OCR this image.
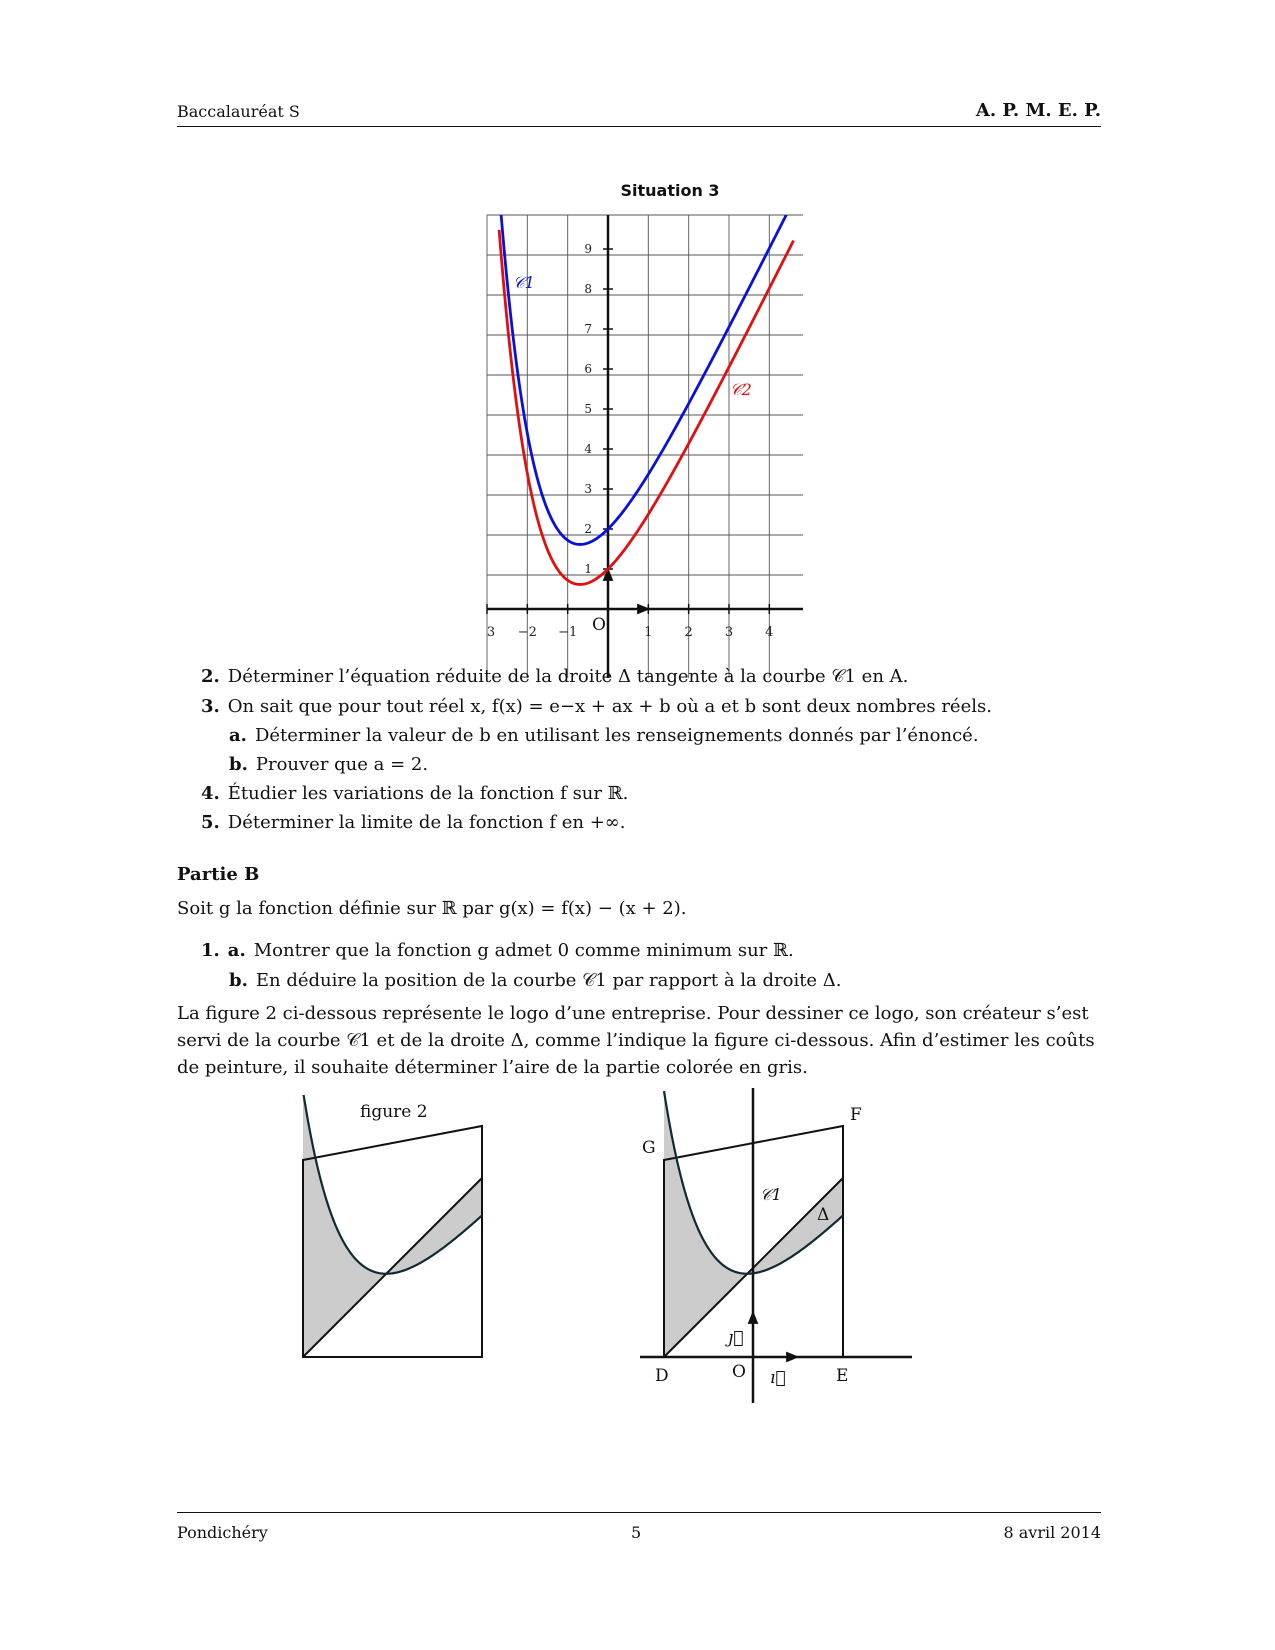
Baccalauréat S	A. P. M. E. P.
Situation 3
3 −2 −1	1 2 3 4
1
2
3
4
5
6
7
8
9
O
𝒞1
𝒞2
2. Déterminer l’équation réduite de la droite Δ tangente à la courbe 𝒞1 en A.
3. On sait que pour tout réel x, f(x) = e−x + ax + b où a et b sont deux nombres réels.
a. Déterminer la valeur de b en utilisant les renseignements donnés par l’énoncé.
b. Prouver que a = 2.
4. Étudier les variations de la fonction f sur ℝ.
5. Déterminer la limite de la fonction f en +∞.
Partie B
Soit g la fonction définie sur ℝ par g(x) = f(x) − (x + 2).
1. a. Montrer que la fonction g admet 0 comme minimum sur ℝ.
b. En déduire la position de la courbe 𝒞1 par rapport à la droite Δ.
La figure 2 ci-dessous représente le logo d’une entreprise. Pour dessiner ce logo, son créateur s’est servi de la courbe 𝒞1 et de la droite Δ, comme l’indique la figure ci-dessous. Afin d’estimer les coûts de peinture, il souhaite déterminer l’aire de la partie colorée en gris.
figure 2
G
F
D	E
O ı⃗
ȷ⃗
𝒞1
Δ
Pondichéry	5	8 avril 2014
